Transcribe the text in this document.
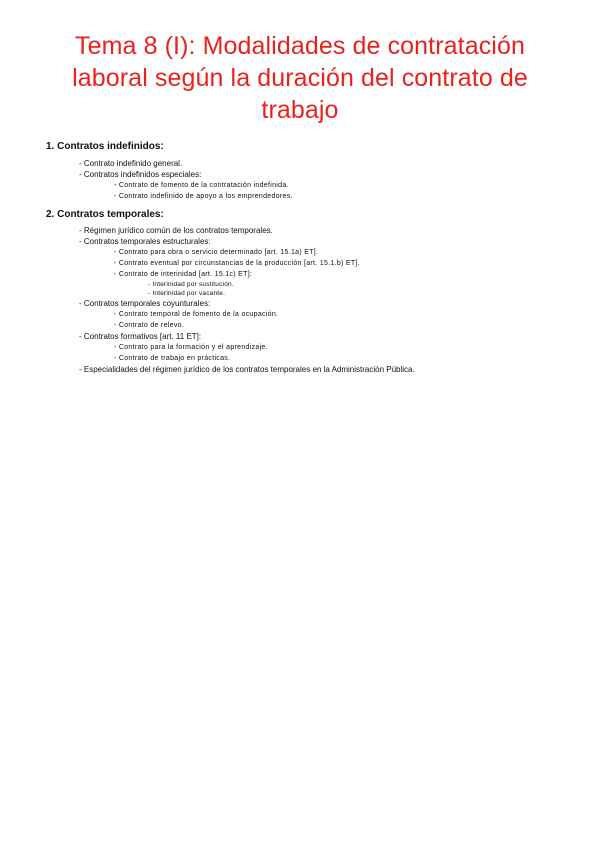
Tema 8 (I): Modalidades de contratación laboral según la duración del contrato de trabajo
1. Contratos indefinidos:
- Contrato indefinido general.
- Contratos indefinidos especiales:
- Contrato de fomento de la contratación indefinida.
- Contrato indefinido de apoyo a los emprendedores.
2. Contratos temporales:
- Régimen jurídico común de los contratos temporales.
- Contratos temporales estructurales:
- Contrato para obra o servicio determinado [art. 15.1a) ET].
- Contrato eventual por circunstancias de la producción [art. 15.1.b) ET].
- Contrato de interinidad [art. 15.1c) ET]:
- Interinidad por sustitución.
- Interinidad por vacante.
- Contratos temporales coyunturales:
- Contrato temporal de fomento de la ocupación.
- Contrato de relevo.
- Contratos formativos [art. 11 ET]:
- Contrato para la formación y el aprendizaje.
- Contrato de trabajo en prácticas.
- Especialidades del régimen jurídico de los contratos temporales en la Administración Pública.
